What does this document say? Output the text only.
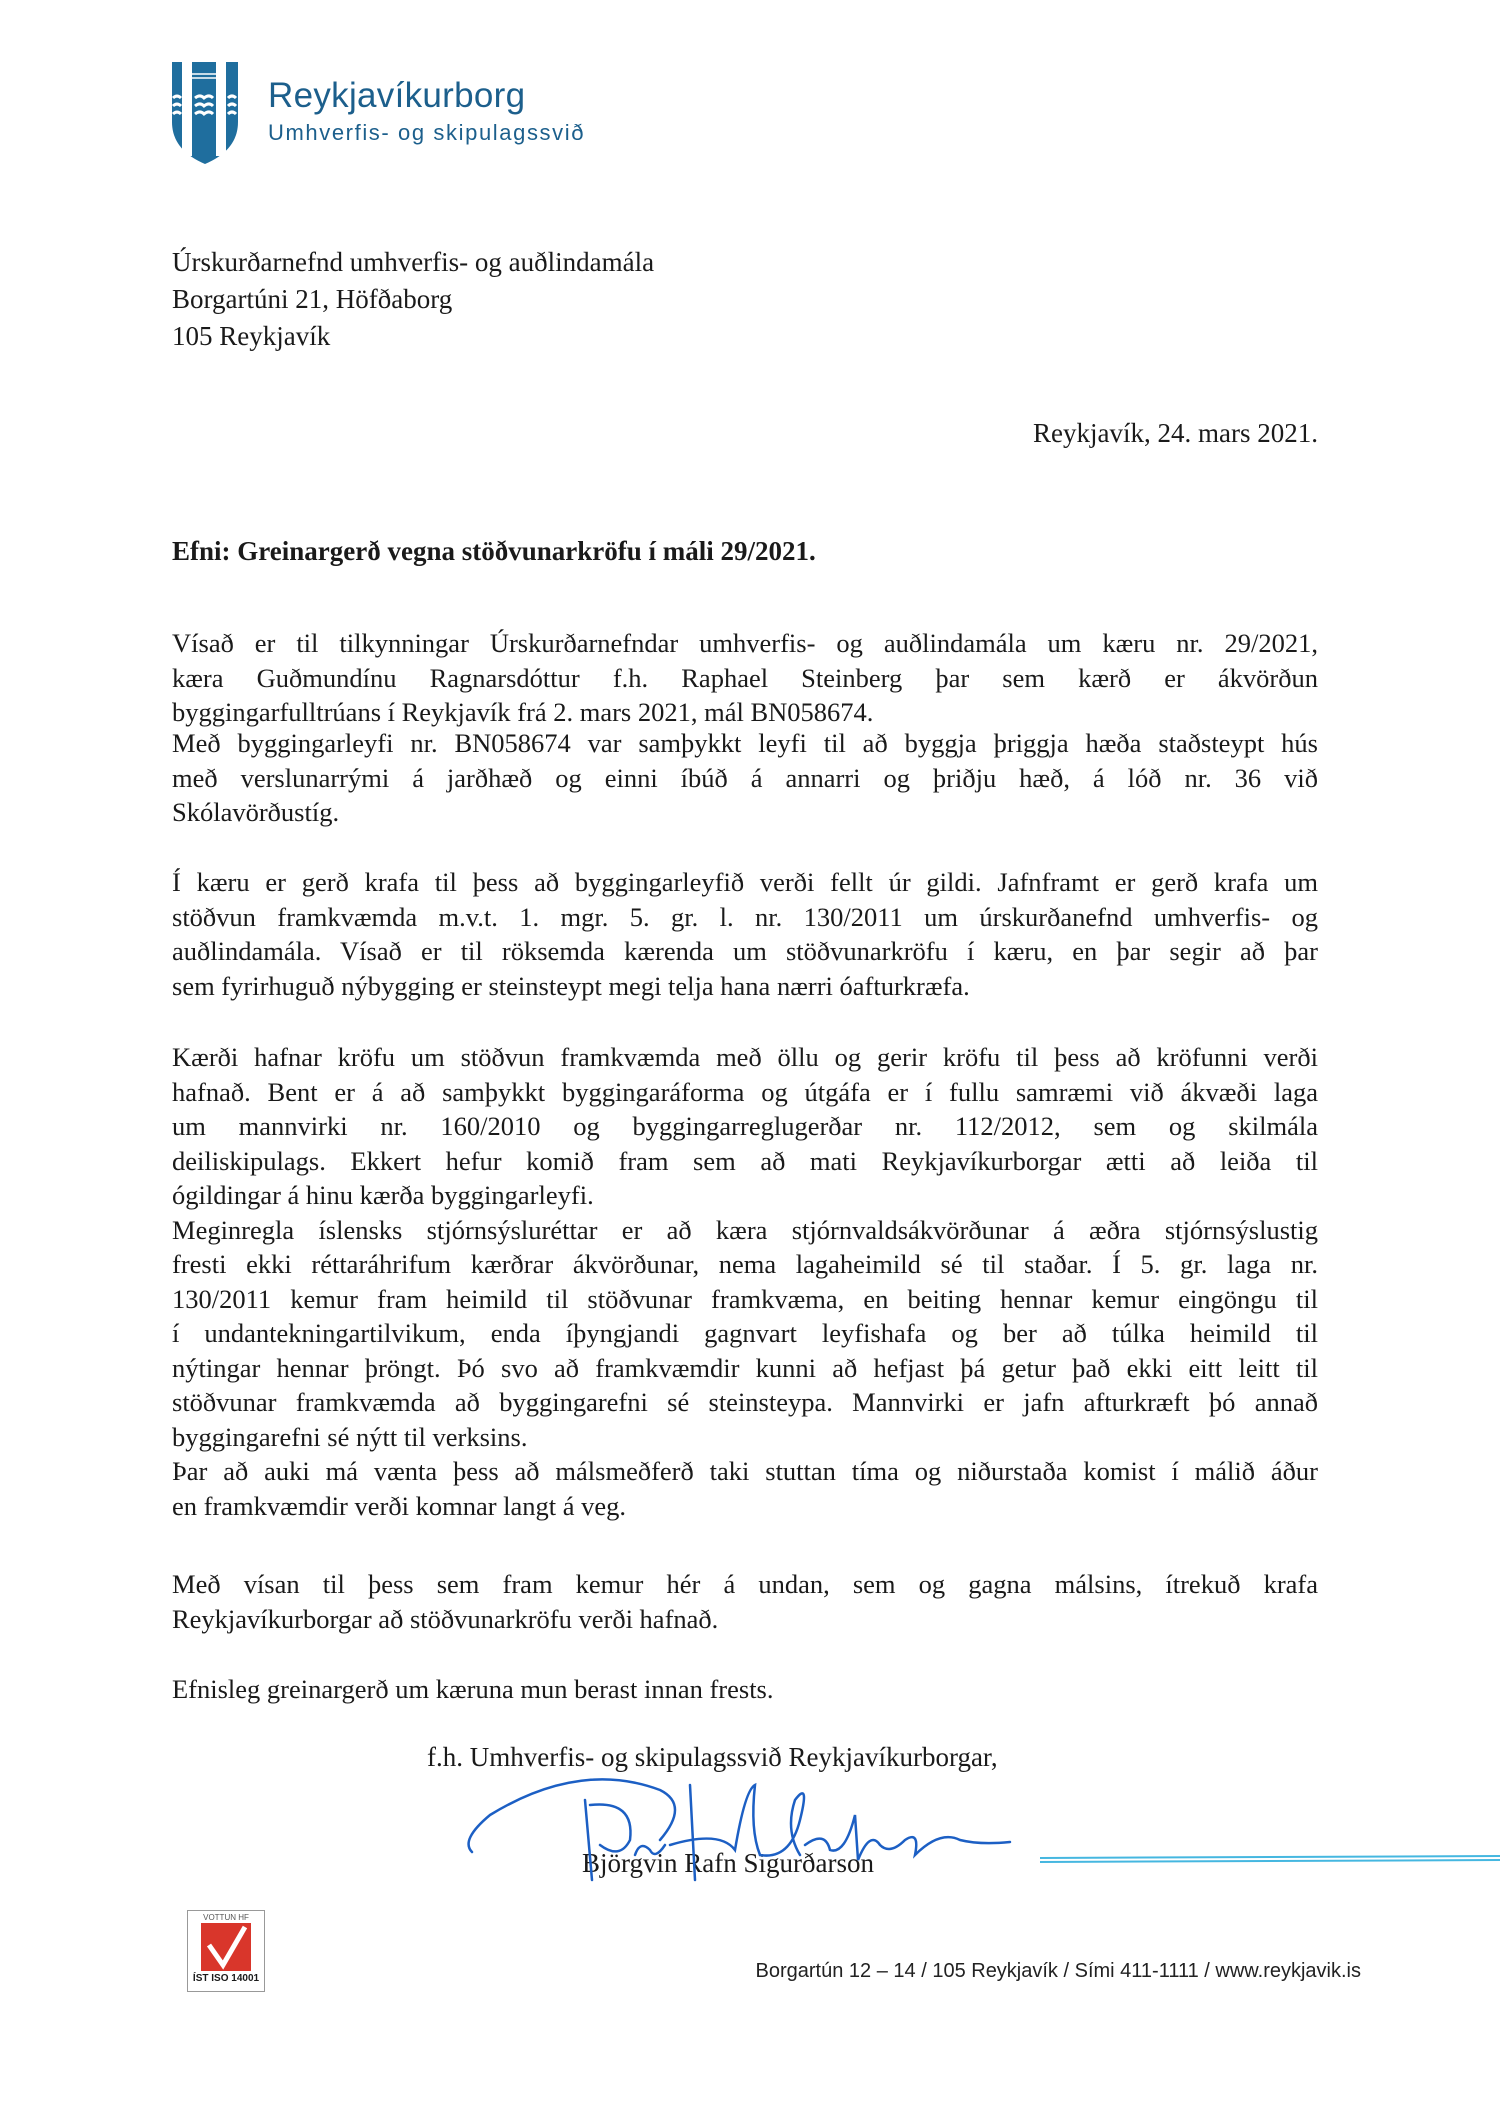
Reykjavíkurborg
Umhverfis- og skipulagssvið
Úrskurðarnefnd umhverfis- og auðlindamála
Borgartúni 21, Höfðaborg
105 Reykjavík
Reykjavík, 24. mars 2021.
Efni: Greinargerð vegna stöðvunarkröfu í máli 29/2021.
Vísað er til tilkynningar Úrskurðarnefndar umhverfis- og auðlindamála um kæru nr. 29/2021,
kæra Guðmundínu Ragnarsdóttur f.h. Raphael Steinberg þar sem kærð er ákvörðun
byggingarfulltrúans í Reykjavík frá 2. mars 2021, mál BN058674.
Með byggingarleyfi nr. BN058674 var samþykkt leyfi til að byggja þriggja hæða staðsteypt hús
með verslunarrými á jarðhæð og einni íbúð á annarri og þriðju hæð, á lóð nr. 36 við
Skólavörðustíg.
Í kæru er gerð krafa til þess að byggingarleyfið verði fellt úr gildi. Jafnframt er gerð krafa um
stöðvun framkvæmda m.v.t. 1. mgr. 5. gr. l. nr. 130/2011 um úrskurðanefnd umhverfis- og
auðlindamála. Vísað er til röksemda kærenda um stöðvunarkröfu í kæru, en þar segir að þar
sem fyrirhuguð nýbygging er steinsteypt megi telja hana nærri óafturkræfa.
Kærði hafnar kröfu um stöðvun framkvæmda með öllu og gerir kröfu til þess að kröfunni verði
hafnað. Bent er á að samþykkt byggingaráforma og útgáfa er í fullu samræmi við ákvæði laga
um mannvirki nr. 160/2010 og byggingarreglugerðar nr. 112/2012, sem og skilmála
deiliskipulags. Ekkert hefur komið fram sem að mati Reykjavíkurborgar ætti að leiða til
ógildingar á hinu kærða byggingarleyfi.
Meginregla íslensks stjórnsýsluréttar er að kæra stjórnvaldsákvörðunar á æðra stjórnsýslustig
fresti ekki réttaráhrifum kærðrar ákvörðunar, nema lagaheimild sé til staðar. Í 5. gr. laga nr.
130/2011 kemur fram heimild til stöðvunar framkvæma, en beiting hennar kemur eingöngu til
í undantekningartilvikum, enda íþyngjandi gagnvart leyfishafa og ber að túlka heimild til
nýtingar hennar þröngt. Þó svo að framkvæmdir kunni að hefjast þá getur það ekki eitt leitt til
stöðvunar framkvæmda að byggingarefni sé steinsteypa. Mannvirki er jafn afturkræft þó annað
byggingarefni sé nýtt til verksins.
Þar að auki má vænta þess að málsmeðferð taki stuttan tíma og niðurstaða komist í málið áður
en framkvæmdir verði komnar langt á veg.
Með vísan til þess sem fram kemur hér á undan, sem og gagna málsins, ítrekuð krafa
Reykjavíkurborgar að stöðvunarkröfu verði hafnað.
Efnisleg greinargerð um kæruna mun berast innan frests.
f.h. Umhverfis- og skipulagssvið Reykjavíkurborgar,
Björgvin Rafn Sigurðarson
VOTTUN HF
ÍST ISO 14001	Borgartún 12 – 14 / 105 Reykjavík / Sími 411-1111 / www.reykjavik.is
